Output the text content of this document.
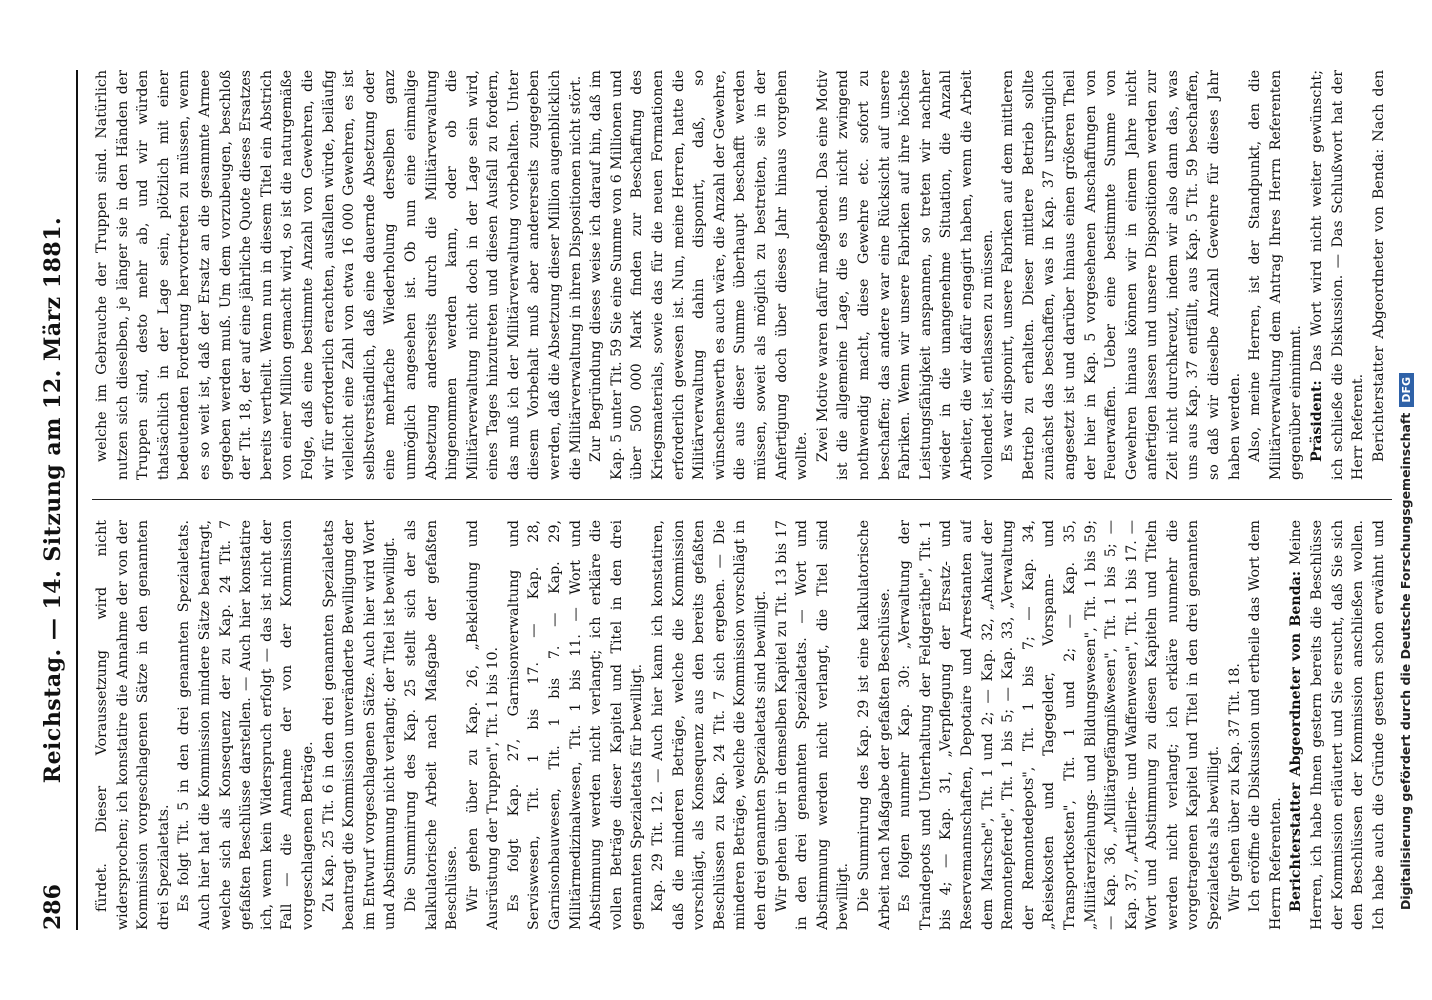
286
Reichstag. — 14. Sitzung am 12. März 1881. fürdet. Dieser Voraussetzung wird nicht widersprochen; ich konstatire die Annahme der von der Kommission vorgeschlagenen Sätze in den genannten drei Spezialetats. Es folgt Tit. 5 in den drei genannten Spezialetats. Auch hier hat die Kommission mindere Sätze beantragt, welche sich als Konsequenz der zu Kap. 24 Tit. 7 gefaßten Beschlüsse darstellen. — Auch hier konstatire ich, wenn kein Widerspruch erfolgt — das ist nicht der Fall — die Annahme der von der Kommission vorgeschlagenen Beträge. Zu Kap. 25 Tit. 6 in den drei genannten Spezialetats beantragt die Kommission unveränderte Bewilligung der im Entwurf vorgeschlagenen Sätze. Auch hier wird Wort und Abstimmung nicht verlangt; der Titel ist bewilligt. Die Summirung des Kap. 25 stellt sich der als kalkulatorische Arbeit nach Maßgabe der gefaßten Beschlüsse. Wir gehen über zu Kap. 26, „Bekleidung und Ausrüstung der Truppen", Tit. 1 bis 10. Es folgt Kap. 27, Garnisonverwaltung und Serviswesen, Tit. 1 bis 17. — Kap. 28, Garnisonbauwesen, Tit. 1 bis 7. — Kap. 29, Militärmedizinalwesen, Tit. 1 bis 11. — Wort und Abstimmung werden nicht verlangt; ich erkläre die vollen Beträge dieser Kapitel und Titel in den drei genannten Spezialetats für bewilligt. Kap. 29 Tit. 12. — Auch hier kann ich konstatiren, daß die minderen Beträge, welche die Kommission vorschlägt, als Konsequenz aus den bereits gefaßten Beschlüssen zu Kap. 24 Tit. 7 sich ergeben. — Die minderen Beträge, welche die Kommission vorschlägt in den drei genannten Spezialetats sind bewilligt. Wir gehen über in demselben Kapitel zu Tit. 13 bis 17 in den drei genannten Spezialetats. — Wort und Abstimmung werden nicht verlangt, die Titel sind bewilligt. Die Summirung des Kap. 29 ist eine kalkulatorische Arbeit nach Maßgabe der gefaßten Beschlüsse. Es folgen nunmehr Kap. 30: „Verwaltung der Traindepots und Unterhaltung der Feldgeräthe", Tit. 1 bis 4; — Kap. 31, „Verpflegung der Ersatz- und Reservemannschaften, Depotaire und Arrestanten auf dem Marsche", Tit. 1 und 2; — Kap. 32, „Ankauf der Remontepferde", Tit. 1 bis 5; — Kap. 33, „Verwaltung der Remontedepots", Tit. 1 bis 7; — Kap. 34, „Reisekosten und Tagegelder, Vorspann- und Transportkosten", Tit. 1 und 2; — Kap. 35, „Militärerziehungs- und Bildungswesen", Tit. 1 bis 59; — Kap. 36, „Militärgefängnißwesen", Tit. 1 bis 5; — Kap. 37, „Artillerie- und Waffenwesen", Tit. 1 bis 17. — Wort und Abstimmung zu diesen Kapiteln und Titeln werden nicht verlangt; ich erkläre nunmehr die vorgetragenen Kapitel und Titel in den drei genannten Spezialetats als bewilligt. Wir gehen über zu Kap. 37 Tit. 18. Ich eröffne die Diskussion und ertheile das Wort dem Herrn Referenten. Berichterstatter Abgeordneter von Benda: Meine Herren, ich habe Ihnen gestern bereits die Beschlüsse der Kommission erläutert und Sie ersucht, daß Sie sich den Beschlüssen der Kommission anschließen wollen. Ich habe auch die Gründe gestern schon erwähnt und

welche im Gebrauche der Truppen sind. Natürlich nutzen sich dieselben, je länger sie in den Händen der Truppen sind, desto mehr ab, und wir würden thatsächlich in der Lage sein, plötzlich mit einer bedeutenden Forderung hervortreten zu müssen, wenn es so weit ist, daß der Ersatz an die gesammte Armee gegeben werden muß. Um dem vorzubeugen, beschloß der Tit. 18, der auf eine jährliche Quote dieses Ersatzes bereits vertheilt. Wenn nun in diesem Titel ein Abstrich von einer Million gemacht wird, so ist die naturgemäße Folge, daß eine bestimmte Anzahl von Gewehren, die wir für erforderlich erachten, ausfallen würde, beiläufig vielleicht eine Zahl von etwa 16 000 Gewehren, es ist selbstverständlich, daß eine dauernde Absetzung oder eine mehrfache Wiederholung derselben ganz unmöglich angesehen ist. Ob nun eine einmalige Absetzung anderseits durch die Militärverwaltung hingenommen werden kann, oder ob die Militärverwaltung nicht doch in der Lage sein wird, eines Tages hinzutreten und diesen Ausfall zu fordern, das muß ich der Militärverwaltung vorbehalten. Unter diesem Vorbehalt muß aber andererseits zugegeben werden, daß die Absetzung dieser Million augenblicklich die Militärverwaltung in ihren Dispositionen nicht stört. Zur Begründung dieses weise ich darauf hin, daß im Kap. 5 unter Tit. 59 Sie eine Summe von 6 Millionen und über 500 000 Mark finden zur Beschaffung des Kriegsmaterials, sowie das für die neuen Formationen erforderlich gewesen ist. Nun, meine Herren, hatte die Militärverwaltung dahin disponirt, daß, so wünschenswerth es auch wäre, die Anzahl der Gewehre, die aus dieser Summe überhaupt beschafft werden müssen, soweit als möglich zu bestreiten, sie in der Anfertigung doch über dieses Jahr hinaus vorgehen wollte. Zwei Motive waren dafür maßgebend. Das eine Motiv ist die allgemeine Lage, die es uns nicht zwingend nothwendig macht, diese Gewehre etc. sofort zu beschaffen; das andere war eine Rücksicht auf unsere Fabriken. Wenn wir unsere Fabriken auf ihre höchste Leistungsfähigkeit anspannen, so treten wir nachher wieder in die unangenehme Situation, die Anzahl Arbeiter, die wir dafür engagirt haben, wenn die Arbeit vollendet ist, entlassen zu müssen. Es war disponirt, unsere Fabriken auf dem mittleren Betrieb zu erhalten. Dieser mittlere Betrieb sollte zunächst das beschaffen, was in Kap. 37 ursprünglich angesetzt ist und darüber hinaus einen größeren Theil der hier in Kap. 5 vorgesehenen Anschaffungen von Feuerwaffen. Ueber eine bestimmte Summe von Gewehren hinaus können wir in einem Jahre nicht anfertigen lassen und unsere Dispositionen werden zur Zeit nicht durchkreuzt, indem wir also dann das, was uns aus Kap. 37 entfällt, aus Kap. 5 Tit. 59 beschaffen, so daß wir dieselbe Anzahl Gewehre für dieses Jahr haben werden. Also, meine Herren, ist der Standpunkt, den die Militärverwaltung dem Antrag Ihres Herrn Referenten gegenüber einnimmt. Präsident: Das Wort wird nicht weiter gewünscht; ich schließe die Diskussion. — Das Schlußwort hat der Herr Referent. Berichterstatter Abgeordneter von Benda: Nach den

Digitalisierung gefördert durch die Deutsche ForschungsgemeinschaftDFG
